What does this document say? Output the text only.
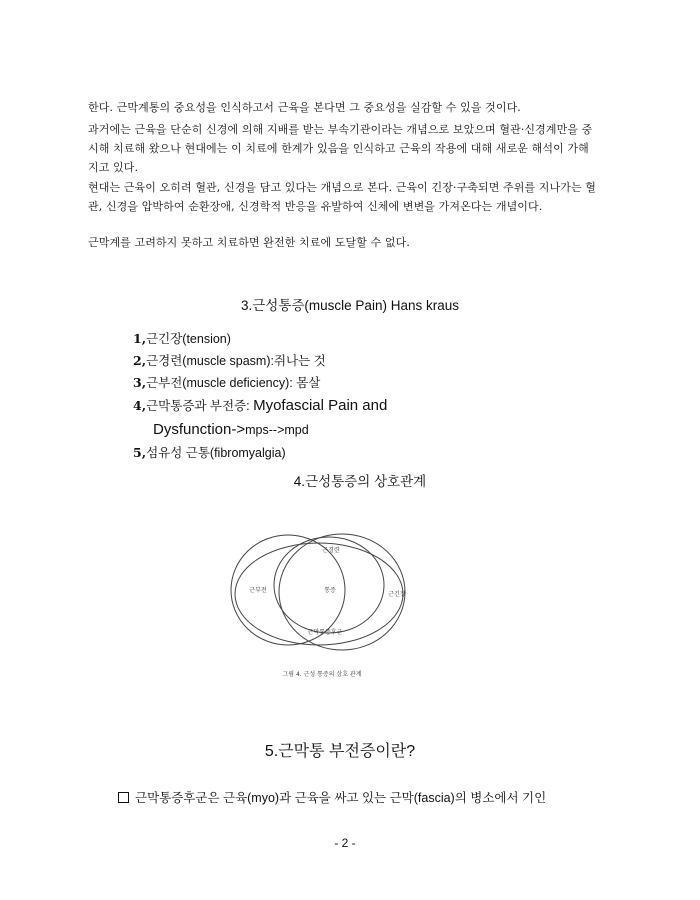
한다. 근막계통의 중요성을 인식하고서 근육을 본다면 그 중요성을 실감할 수 있을 것이다.
과거에는 근육을 단순히 신경에 의해 지배를 받는 부속기관이라는 개념으로 보았으며 혈관·신경계만을 중시해 치료해 왔으나 현대에는 이 치료에 한계가 있음을 인식하고 근육의 작용에 대해 새로운 해석이 가해지고 있다.
현대는 근육이 오히려 혈관, 신경을 담고 있다는 개념으로 본다. 근육이 긴장·구축되면 주위를 지나가는 혈관, 신경을 압박하여 순환장애, 신경학적 반응을 유발하여 신체에 변변을 가져온다는 개념이다.
근막계를 고려하지 못하고 치료하면 완전한 치료에 도달할 수 없다.
3.근성통증(muscle Pain) Hans kraus
1,근긴장(tension)
2,근경련(muscle spasm):쥐나는 것
3,근부전(muscle deficiency): 몸살
4,근막통증과 부전증: Myofascial Pain and
Dysfunction->mps-->mpd
5,섬유성 근통(fibromyalgia)
4.근성통증의 상호관계
근경련
근부전	통증
근긴장
근막통증후군
그림 4. 근성 통증의 상호 관계
5.근막통 부전증이란?
근막통증후군은 근육(myo)과 근육을 싸고 있는 근막(fascia)의 병소에서 기인
- 2 -
